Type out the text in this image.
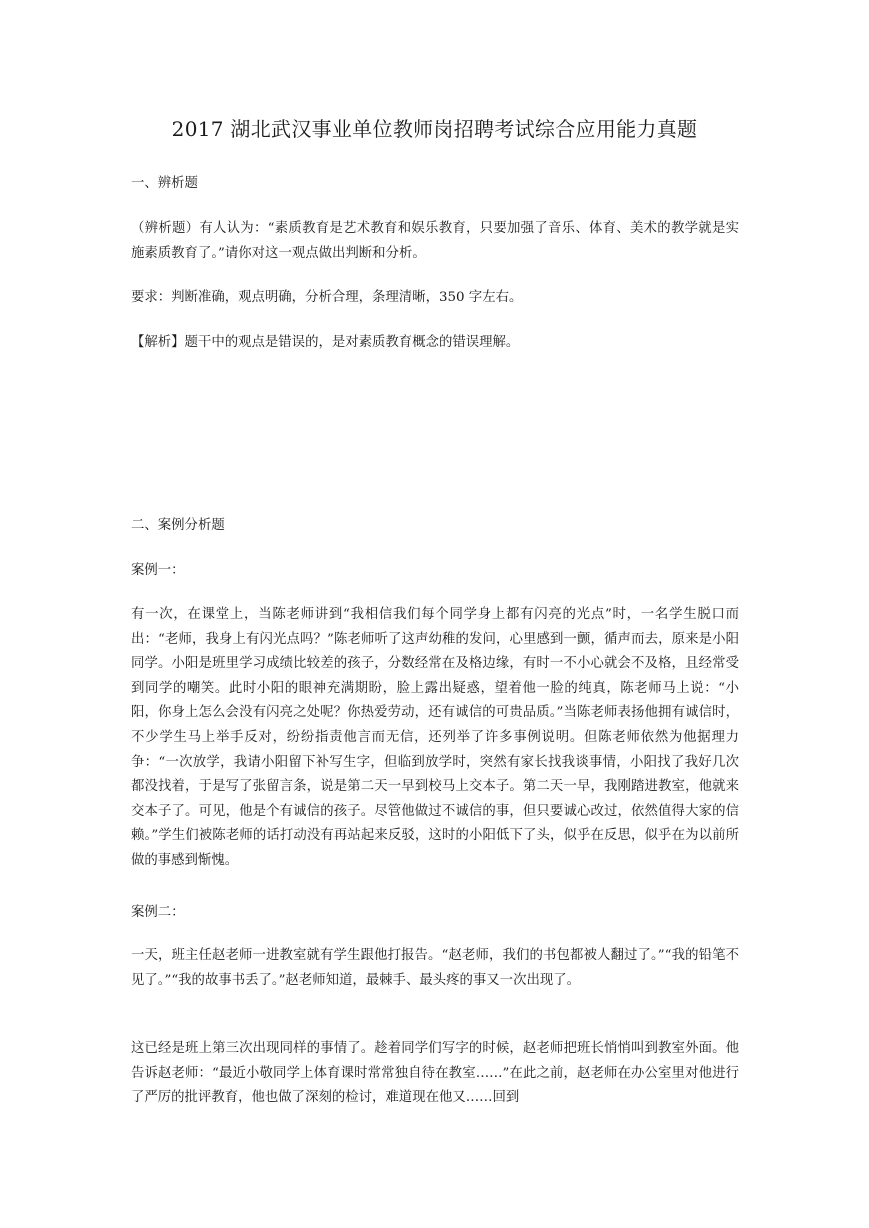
2017 湖北武汉事业单位教师岗招聘考试综合应用能力真题

一、辨析题

（辨析题）有人认为：“素质教育是艺术教育和娱乐教育，只要加强了音乐、体育、美术的教学就是实施素质教育了。”请你对这一观点做出判断和分析。

要求：判断准确，观点明确，分析合理，条理清晰，350 字左右。

【解析】题干中的观点是错误的，是对素质教育概念的错误理解。

二、案例分析题

案例一：

有一次，在课堂上，当陈老师讲到“我相信我们每个同学身上都有闪亮的光点”时，一名学生脱口而出：“老师，我身上有闪光点吗？”陈老师听了这声幼稚的发问，心里感到一颤，循声而去，原来是小阳同学。小阳是班里学习成绩比较差的孩子，分数经常在及格边缘，有时一不小心就会不及格，且经常受到同学的嘲笑。此时小阳的眼神充满期盼，脸上露出疑惑，望着他一脸的纯真，陈老师马上说：“小阳，你身上怎么会没有闪亮之处呢？你热爱劳动，还有诚信的可贵品质。”当陈老师表扬他拥有诚信时，不少学生马上举手反对，纷纷指责他言而无信，还列举了许多事例说明。但陈老师依然为他据理力争：“一次放学，我请小阳留下补写生字，但临到放学时，突然有家长找我谈事情，小阳找了我好几次都没找着，于是写了张留言条，说是第二天一早到校马上交本子。第二天一早，我刚踏进教室，他就来交本子了。可见，他是个有诚信的孩子。尽管他做过不诚信的事，但只要诚心改过，依然值得大家的信赖。”学生们被陈老师的话打动没有再站起来反驳，这时的小阳低下了头，似乎在反思，似乎在为以前所做的事感到惭愧。

案例二：

一天，班主任赵老师一进教室就有学生跟他打报告。“赵老师，我们的书包都被人翻过了。”“我的铅笔不见了。”“我的故事书丢了。”赵老师知道，最棘手、最头疼的事又一次出现了。

这已经是班上第三次出现同样的事情了。趁着同学们写字的时候，赵老师把班长悄悄叫到教室外面。他告诉赵老师：“最近小敬同学上体育课时常常独自待在教室……”在此之前，赵老师在办公室里对他进行了严厉的批评教育，他也做了深刻的检讨，难道现在他又……回到
